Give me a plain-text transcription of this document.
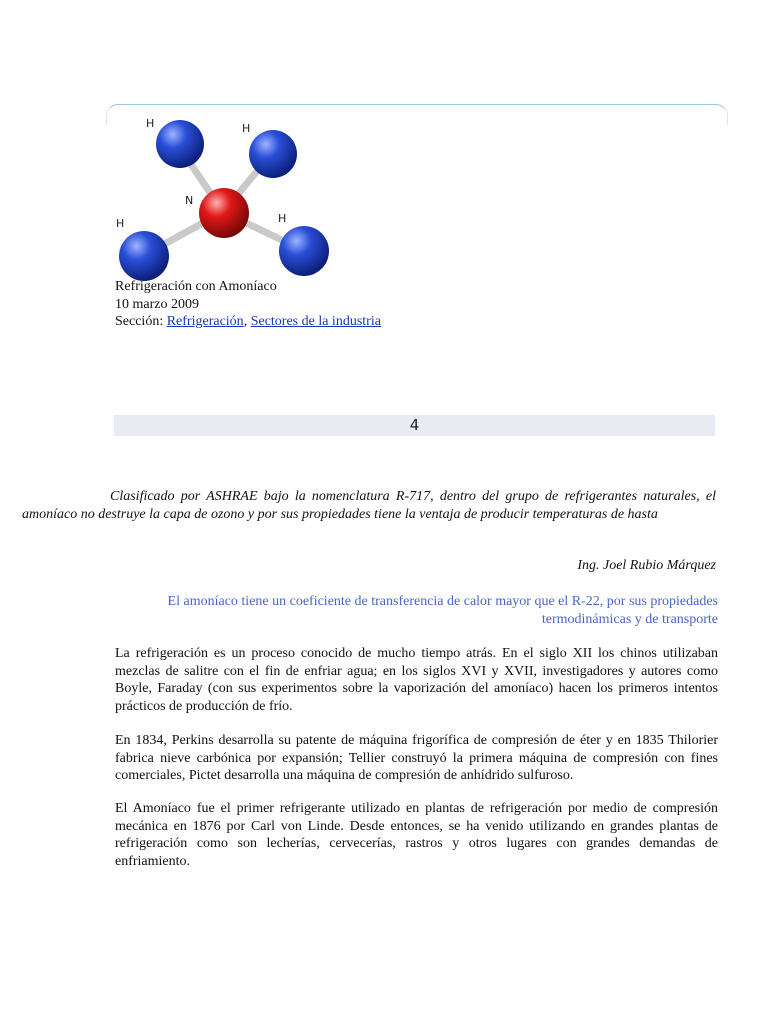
H	H
H	H
N
Refrigeración con Amoníaco
10 marzo 2009
Sección: Refrigeración, Sectores de la industria
4
Clasificado por ASHRAE bajo la nomenclatura R-717, dentro del grupo de refrigerantes naturales, el amoníaco no destruye la capa de ozono y por sus propiedades tiene la ventaja de producir temperaturas de hasta
Ing. Joel Rubio Márquez
El amoníaco tiene un coeficiente de transferencia de calor mayor que el R-22, por sus propiedades termodinámicas y de transporte

La refrigeración es un proceso conocido de mucho tiempo atrás. En el siglo XII los chinos utilizaban mezclas de salitre con el fin de enfriar agua; en los siglos XVI y XVII, investigadores y autores como Boyle, Faraday (con sus experimentos sobre la vaporización del amoníaco) hacen los primeros intentos prácticos de producción de frío.

En 1834, Perkins desarrolla su patente de máquina frigorífica de compresión de éter y en 1835 Thilorier fabrica nieve carbónica por expansión; Tellier construyó la primera máquina de compresión con fines comerciales, Pictet desarrolla una máquina de compresión de anhídrido sulfuroso.

El Amoníaco fue el primer refrigerante utilizado en plantas de refrigeración por medio de compresión mecánica en 1876 por Carl von Linde. Desde entonces, se ha venido utilizando en grandes plantas de refrigeración como son lecherías, cervecerías, rastros y otros lugares con grandes demandas de enfriamiento.
